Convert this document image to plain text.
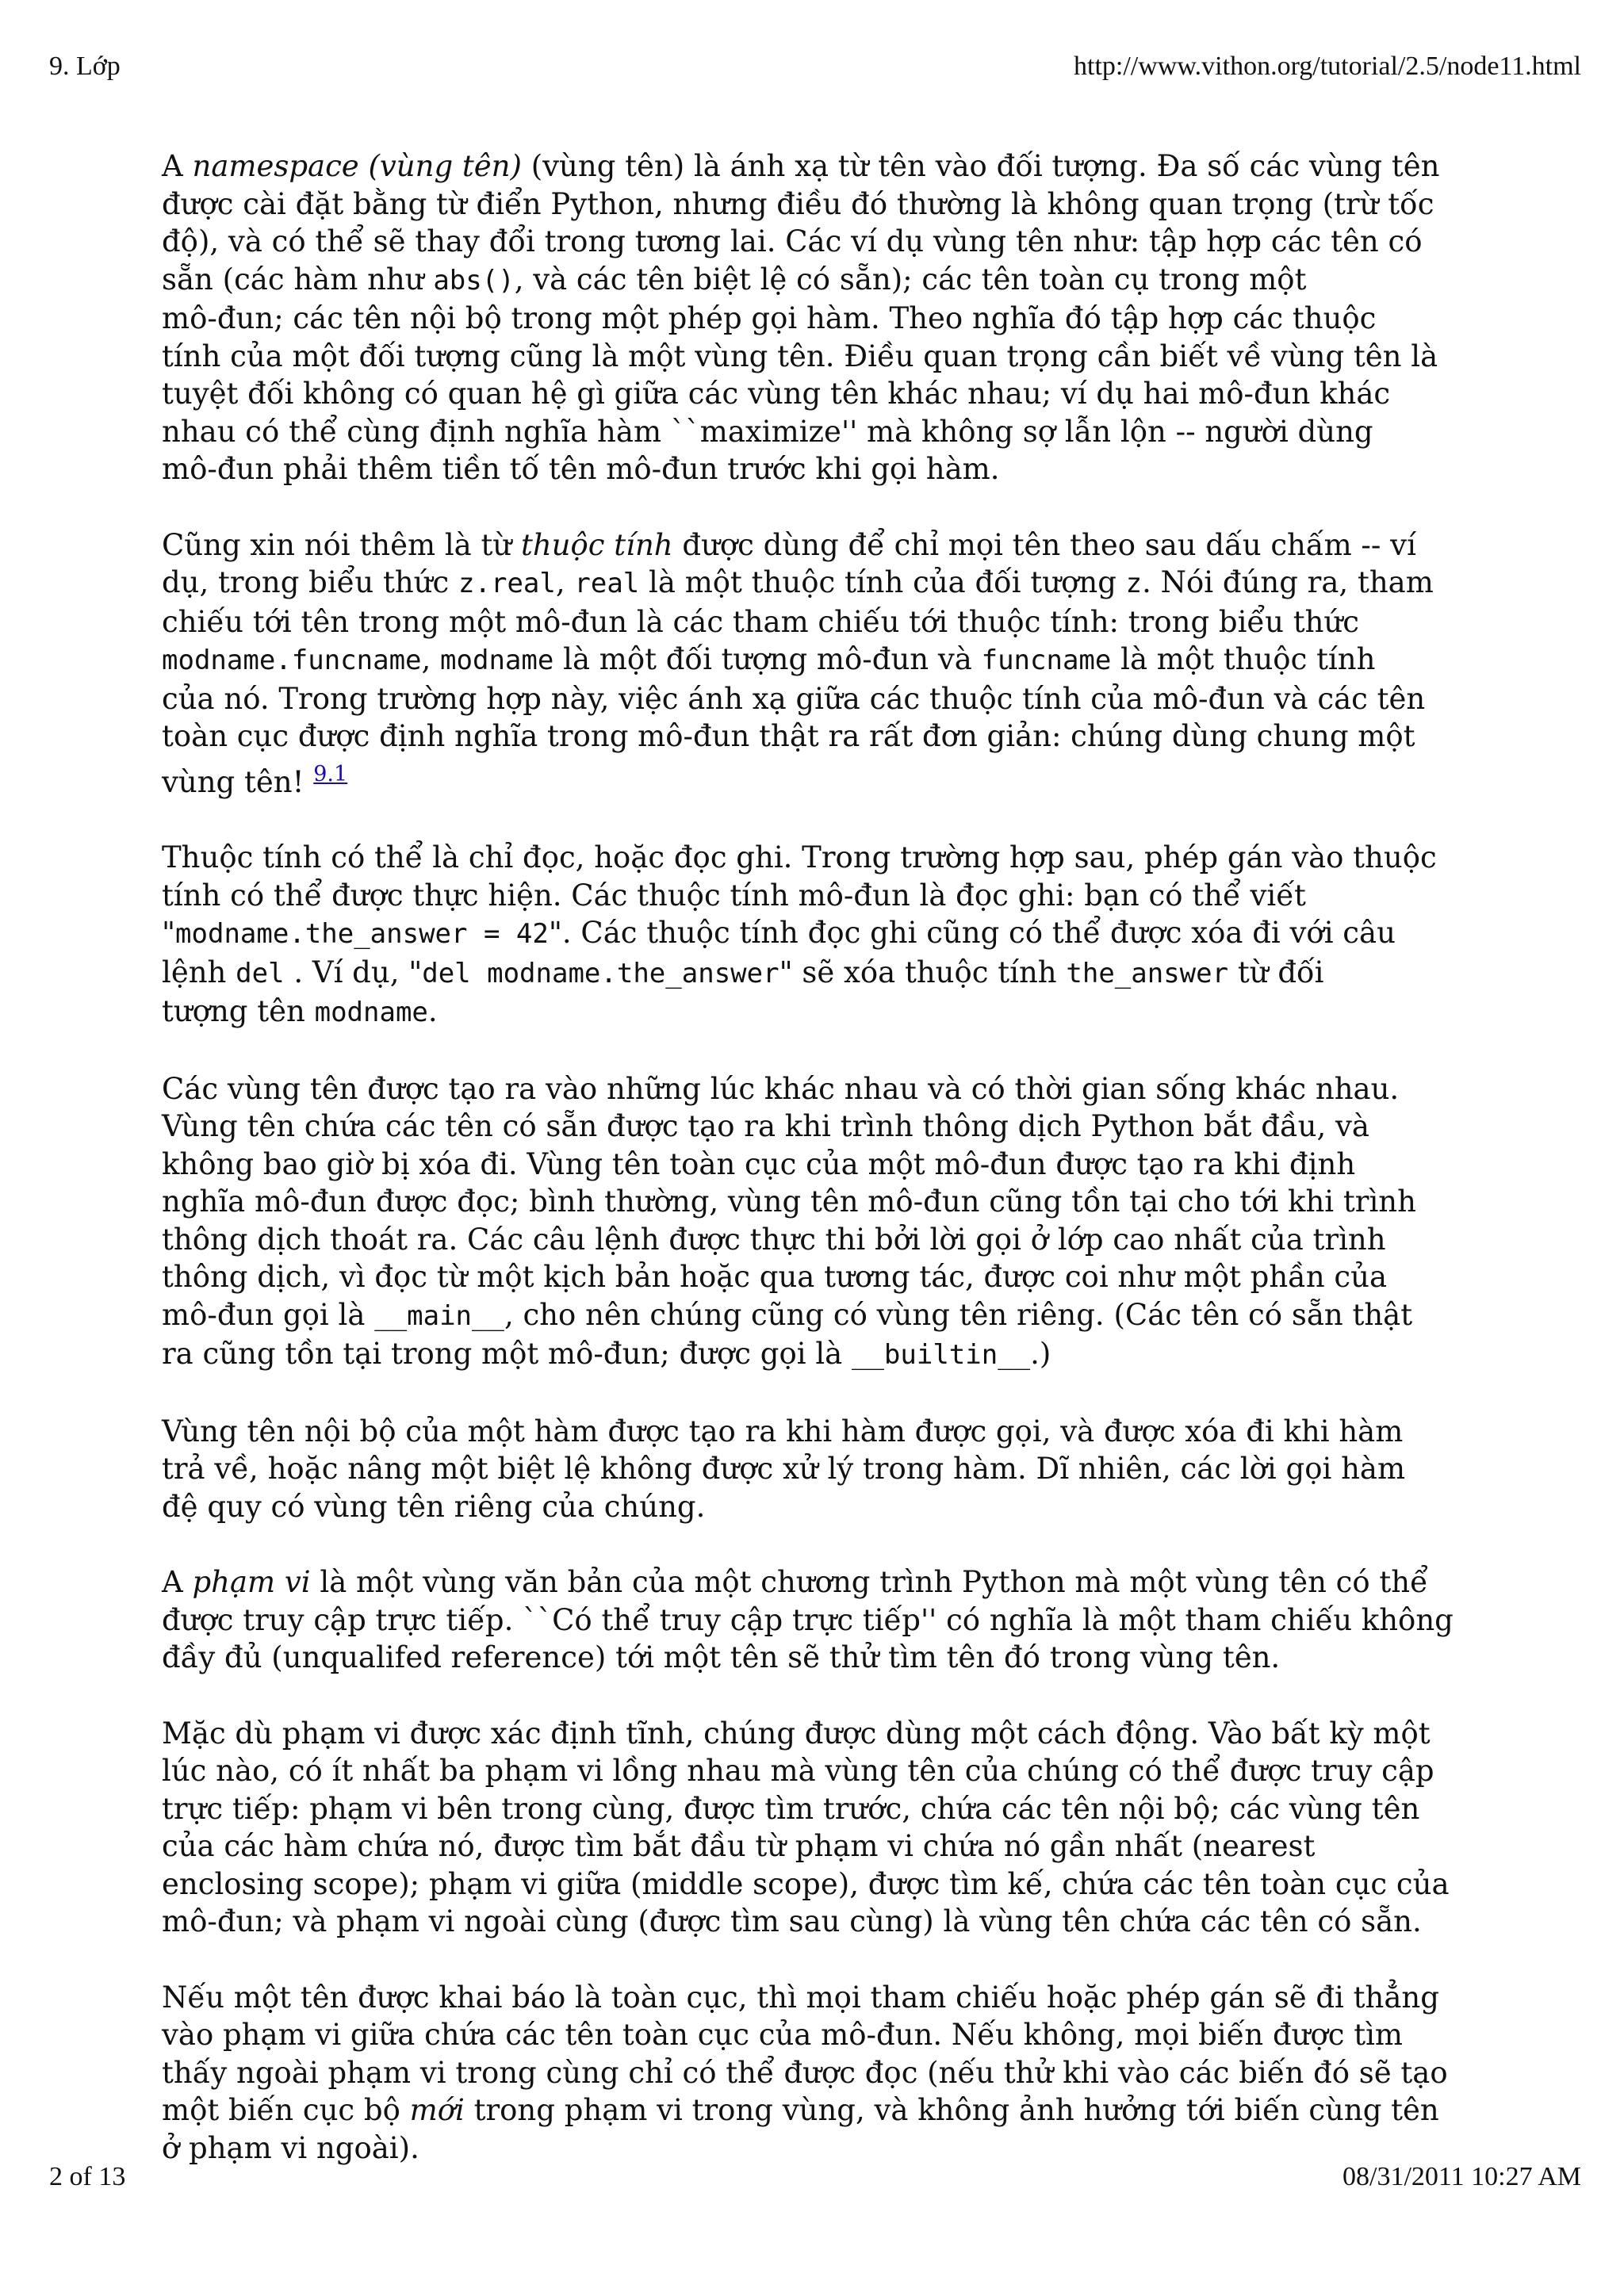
9. Lớp	http://www.vithon.org/tutorial/2.5/node11.html

A namespace (vùng tên) (vùng tên) là ánh xạ từ tên vào đối tượng. Đa số các vùng tên
được cài đặt bằng từ điển Python, nhưng điều đó thường là không quan trọng (trừ tốc
độ), và có thể sẽ thay đổi trong tương lai. Các ví dụ vùng tên như: tập hợp các tên có
sẵn (các hàm như abs(), và các tên biệt lệ có sẵn); các tên toàn cụ trong một
mô-đun; các tên nội bộ trong một phép gọi hàm. Theo nghĩa đó tập hợp các thuộc
tính của một đối tượng cũng là một vùng tên. Điều quan trọng cần biết về vùng tên là
tuyệt đối không có quan hệ gì giữa các vùng tên khác nhau; ví dụ hai mô-đun khác
nhau có thể cùng định nghĩa hàm ``maximize'' mà không sợ lẫn lộn -- người dùng
mô-đun phải thêm tiền tố tên mô-đun trước khi gọi hàm.

Cũng xin nói thêm là từ thuộc tính được dùng để chỉ mọi tên theo sau dấu chấm -- ví
dụ, trong biểu thức z.real, real là một thuộc tính của đối tượng z. Nói đúng ra, tham
chiếu tới tên trong một mô-đun là các tham chiếu tới thuộc tính: trong biểu thức
modname.funcname, modname là một đối tượng mô-đun và funcname là một thuộc tính
của nó. Trong trường hợp này, việc ánh xạ giữa các thuộc tính của mô-đun và các tên
toàn cục được định nghĩa trong mô-đun thật ra rất đơn giản: chúng dùng chung một
vùng tên! $^{9.1}$

Thuộc tính có thể là chỉ đọc, hoặc đọc ghi. Trong trường hợp sau, phép gán vào thuộc
tính có thể được thực hiện. Các thuộc tính mô-đun là đọc ghi: bạn có thể viết
"modname.the_answer = 42". Các thuộc tính đọc ghi cũng có thể được xóa đi với câu
lệnh del . Ví dụ, "del modname.the_answer" sẽ xóa thuộc tính the_answer từ đối
tượng tên modname.

Các vùng tên được tạo ra vào những lúc khác nhau và có thời gian sống khác nhau.
Vùng tên chứa các tên có sẵn được tạo ra khi trình thông dịch Python bắt đầu, và
không bao giờ bị xóa đi. Vùng tên toàn cục của một mô-đun được tạo ra khi định
nghĩa mô-đun được đọc; bình thường, vùng tên mô-đun cũng tồn tại cho tới khi trình
thông dịch thoát ra. Các câu lệnh được thực thi bởi lời gọi ở lớp cao nhất của trình
thông dịch, vì đọc từ một kịch bản hoặc qua tương tác, được coi như một phần của
mô-đun gọi là __main__, cho nên chúng cũng có vùng tên riêng. (Các tên có sẵn thật
ra cũng tồn tại trong một mô-đun; được gọi là __builtin__.)

Vùng tên nội bộ của một hàm được tạo ra khi hàm được gọi, và được xóa đi khi hàm
trả về, hoặc nâng một biệt lệ không được xử lý trong hàm. Dĩ nhiên, các lời gọi hàm
đệ quy có vùng tên riêng của chúng.

A phạm vi là một vùng văn bản của một chương trình Python mà một vùng tên có thể
được truy cập trực tiếp. ``Có thể truy cập trực tiếp'' có nghĩa là một tham chiếu không
đầy đủ (unqualifed reference) tới một tên sẽ thử tìm tên đó trong vùng tên.

Mặc dù phạm vi được xác định tĩnh, chúng được dùng một cách động. Vào bất kỳ một
lúc nào, có ít nhất ba phạm vi lồng nhau mà vùng tên của chúng có thể được truy cập
trực tiếp: phạm vi bên trong cùng, được tìm trước, chứa các tên nội bộ; các vùng tên
của các hàm chứa nó, được tìm bắt đầu từ phạm vi chứa nó gần nhất (nearest
enclosing scope); phạm vi giữa (middle scope), được tìm kế, chứa các tên toàn cục của
mô-đun; và phạm vi ngoài cùng (được tìm sau cùng) là vùng tên chứa các tên có sẵn.

Nếu một tên được khai báo là toàn cục, thì mọi tham chiếu hoặc phép gán sẽ đi thẳng
vào phạm vi giữa chứa các tên toàn cục của mô-đun. Nếu không, mọi biến được tìm
thấy ngoài phạm vi trong cùng chỉ có thể được đọc (nếu thử khi vào các biến đó sẽ tạo
một biến cục bộ mới trong phạm vi trong vùng, và không ảnh hưởng tới biến cùng tên
ở phạm vi ngoài).

2 of 13	08/31/2011 10:27 AM
